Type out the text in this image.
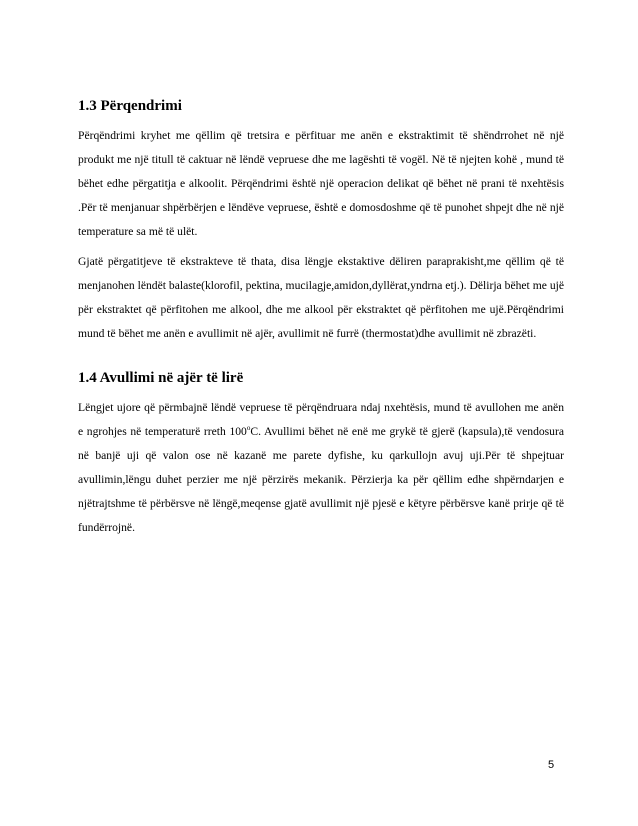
1.3 Përqendrimi

Përqëndrimi kryhet me qëllim që tretsira e përfituar me anën e ekstraktimit të shëndrrohet në një produkt me një titull të caktuar në lëndë vepruese dhe me lagështi të vogël. Në të njejten kohë , mund të bëhet edhe përgatitja e alkoolit. Përqëndrimi është një operacion delikat që bëhet në prani të nxehtësis .Për të menjanuar shpërbërjen e lëndëve vepruese, është e domosdoshme që të punohet shpejt dhe në një temperature sa më të ulët.

Gjatë përgatitjeve të ekstrakteve të thata, disa lëngje ekstaktive dëliren paraprakisht,me qëllim që të menjanohen lëndët balaste(klorofil, pektina, mucilagje,amidon,dyllërat,yndrna etj.). Dëlirja bëhet me ujë për ekstraktet që përfitohen me alkool, dhe me alkool për ekstraktet që përfitohen me ujë.Përqëndrimi mund të bëhet me anën e avullimit në ajër, avullimit në furrë (thermostat)dhe avullimit në zbrazëti.

1.4 Avullimi në ajër të lirë

Lëngjet ujore që përmbajnë lëndë vepruese të përqëndruara ndaj nxehtësis, mund të avullohen me anën e ngrohjes në temperaturë rreth 100$^o$C. Avullimi bëhet në enë me grykë të gjerë (kapsula),të vendosura në banjë uji që valon ose në kazanë me parete dyfishe, ku qarkullojn avuj uji.Për të shpejtuar avullimin,lëngu duhet perzier me një përzirës mekanik. Përzierja ka për qëllim edhe shpërndarjen e njëtrajtshme të përbërsve në lëngë,meqense gjatë avullimit një pjesë e këtyre përbërsve kanë prirje që të fundërrojnë.

5
